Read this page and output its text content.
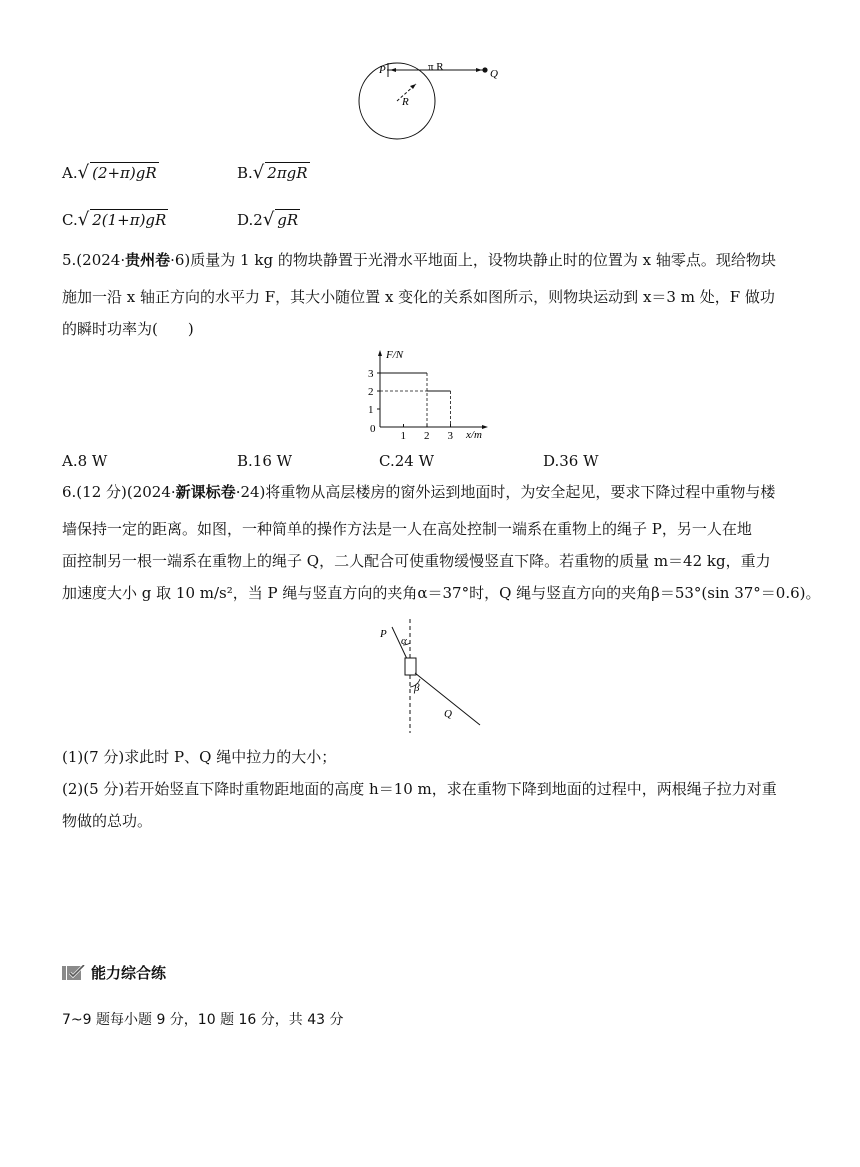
P	π R
Q
R
A.√ (2+π)gR	B.√ 2πgR
C.√ 2(1+π)gR	D.2√ gR
5.(2024·贵州卷·6)质量为 1 kg 的物块静置于光滑水平地面上，设物块静止时的位置为 x 轴零点。现给物块
施加一沿 x 轴正方向的水平力 F，其大小随位置 x 变化的关系如图所示，则物块运动到 x＝3 m 处，F 做功
的瞬时功率为(　　)
F/N
x/m
0
1
2
3
1 2 3
A.8 W	B.16 W	C.24 W	D.36 W
6.(12 分)(2024·新课标卷·24)将重物从高层楼房的窗外运到地面时，为安全起见，要求下降过程中重物与楼
墙保持一定的距离。如图，一种简单的操作方法是一人在高处控制一端系在重物上的绳子 P，另一人在地
面控制另一根一端系在重物上的绳子 Q，二人配合可使重物缓慢竖直下降。若重物的质量 m＝42 kg，重力
加速度大小 g 取 10 m/s²，当 P 绳与竖直方向的夹角α＝37°时，Q 绳与竖直方向的夹角β＝53°(sin 37°＝0.6)。
P
α
β
Q
(1)(7 分)求此时 P、Q 绳中拉力的大小；
(2)(5 分)若开始竖直下降时重物距地面的高度 h＝10 m，求在重物下降到地面的过程中，两根绳子拉力对重
物做的总功。
能力综合练
7~9 题每小题 9 分，10 题 16 分，共 43 分
